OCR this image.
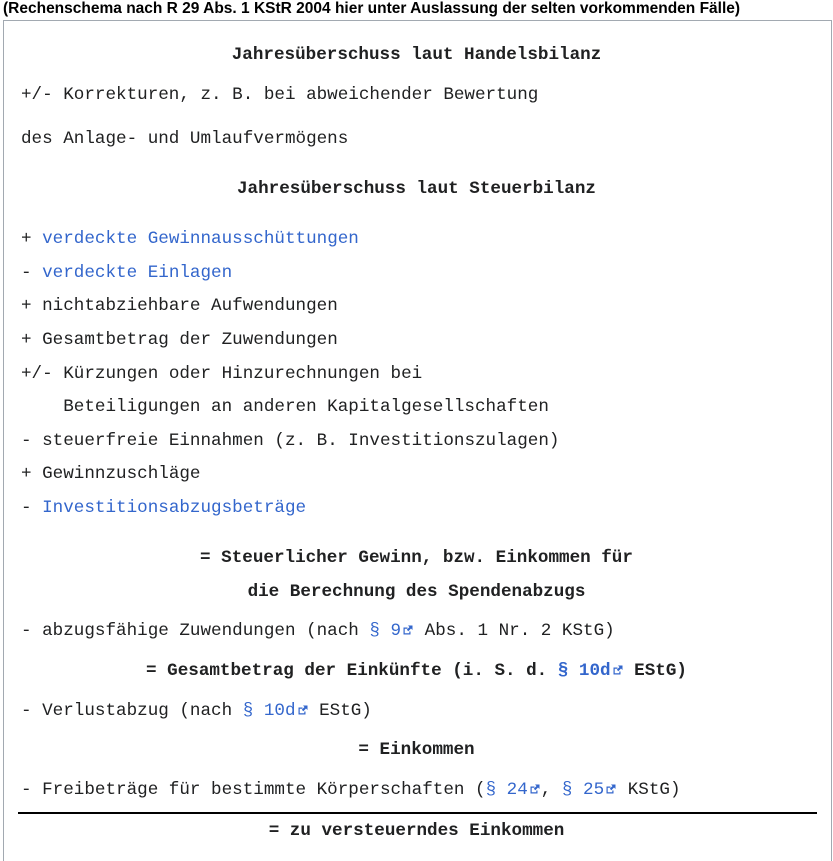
(Rechenschema nach R 29 Abs. 1 KStR 2004 hier unter Auslassung der selten vorkommenden Fälle)
Jahresüberschuss laut Handelsbilanz
+/- Korrekturen, z. B. bei abweichender Bewertung
des Anlage- und Umlaufvermögens
Jahresüberschuss laut Steuerbilanz
+ verdeckte Gewinnausschüttungen
- verdeckte Einlagen
+ nichtabziehbare Aufwendungen
+ Gesamtbetrag der Zuwendungen
+/- Kürzungen oder Hinzurechnungen bei
Beteiligungen an anderen Kapitalgesellschaften
- steuerfreie Einnahmen (z. B. Investitionszulagen)
+ Gewinnzuschläge
- Investitionsabzugsbeträge
= Steuerlicher Gewinn, bzw. Einkommen für
die Berechnung des Spendenabzugs
- abzugsfähige Zuwendungen (nach § 9 Abs. 1 Nr. 2 KStG)
= Gesamtbetrag der Einkünfte (i. S. d. § 10d EStG)
- Verlustabzug (nach § 10d EStG)
= Einkommen
- Freibeträge für bestimmte Körperschaften (§ 24 , § 25 KStG)
= zu versteuerndes Einkommen
